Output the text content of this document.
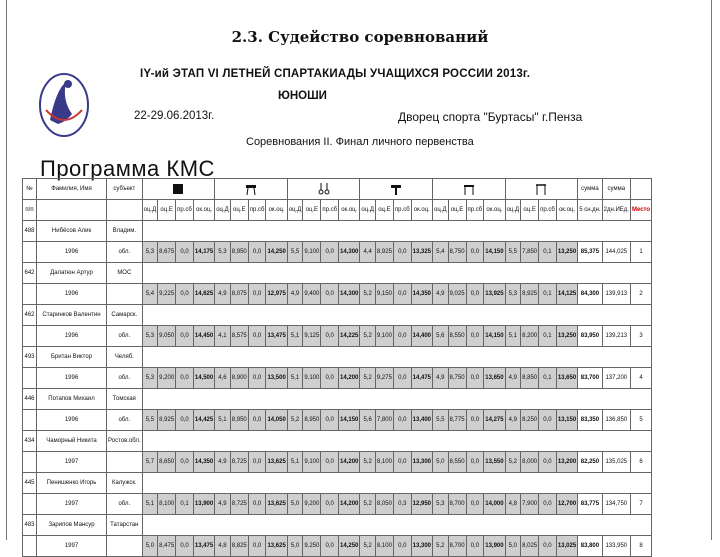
2.3. Судейство соревнований
IY-ий ЭТАП VI ЛЕТНЕЙ СПАРТАКИАДЫ УЧАЩИХСЯ РОССИИ 2013г.
ЮНОШИ
22-29.06.2013г.	Дворец спорта "Буртасы" г.Пенза
Соревнования II. Финал личного первенства
Программа КМС
№	Фамилия, Имя	субъект																									сумма	сумма	
п/п			оц.Д	оц.Е	пр.сб	ок.оц.	оц.Д	оц.Е	пр.сб	ок.оц.	оц.Д	оц.Е	пр.сб	ок.оц.	оц.Д	оц.Е	пр.сб	ок.оц.	оц.Д	оц.Е	пр.сб	ок.оц.	оц.Д	оц.Е	пр.сб	ок.оц.	5 сн.дн.	2дн.ИЕд.	Место
488	Нибёсов Алик	Владим.																											
	1996	обл.	5,3	8,675	0,0	14,175	5,3	8,950	0,0	14,250	5,5	9,100	0,0	14,300	4,4	8,925	0,0	13,325	5,4	8,750	0,0	14,150	5,5	7,850	0,1	13,250	85,375	144,025	1
642	Далатюн Артур	МОС																											
	1996		5,4	9,225	0,0	14,625	4,9	8,075	0,0	12,975	4,9	9,400	0,0	14,300	5,2	9,150	0,0	14,350	4,9	9,025	0,0	13,925	5,3	8,925	0,1	14,125	84,300	139,913	2
462	Старинков Валентин	Самарск.																											
	1996	обл.	5,3	9,050	0,0	14,450	4,1	8,575	0,0	13,475	5,1	9,125	0,0	14,225	5,2	9,100	0,0	14,400	5,6	8,550	0,0	14,150	5,1	8,200	0,1	13,250	83,950	139,213	3
493	Британ Виктор	Челяб.																											
	1996	обл.	5,3	9,200	0,0	14,500	4,6	8,900	0,0	13,500	5,1	9,100	0,0	14,200	5,2	9,275	0,0	14,475	4,9	8,750	0,0	13,650	4,9	8,850	0,1	13,650	83,700	137,200	4
446	Потапов Михаил	Томская																											
	1996	обл.	5,5	8,925	0,0	14,425	5,1	8,950	0,0	14,050	5,2	8,950	0,0	14,150	5,6	7,800	0,0	13,400	5,5	8,775	0,0	14,275	4,9	8,250	0,0	13,150	83,350	136,850	5
434	Чаморный Никита	Ростов.обл.																											
	1997		5,7	8,650	0,0	14,350	4,9	8,725	0,0	13,625	5,1	9,100	0,0	14,200	5,2	8,100	0,0	13,300	5,0	8,550	0,0	13,550	5,2	8,000	0,0	13,200	82,250	135,025	6
445	Пенишенко Игорь	Калужск.																											
	1997	обл.	5,1	8,100	0,1	13,900	4,9	8,725	0,0	13,625	5,0	9,200	0,0	14,200	5,2	8,050	0,3	12,950	5,3	8,700	0,0	14,000	4,8	7,900	0,0	12,700	83,775	134,750	7
483	Зарипов Мансур	Татарстан																											
	1997		5,0	8,475	0,0	13,475	4,8	8,825	0,0	13,625	5,0	9,250	0,0	14,250	5,2	8,100	0,0	13,300	5,2	8,700	0,0	13,900	5,0	8,025	0,0	13,025	83,800	133,950	8
